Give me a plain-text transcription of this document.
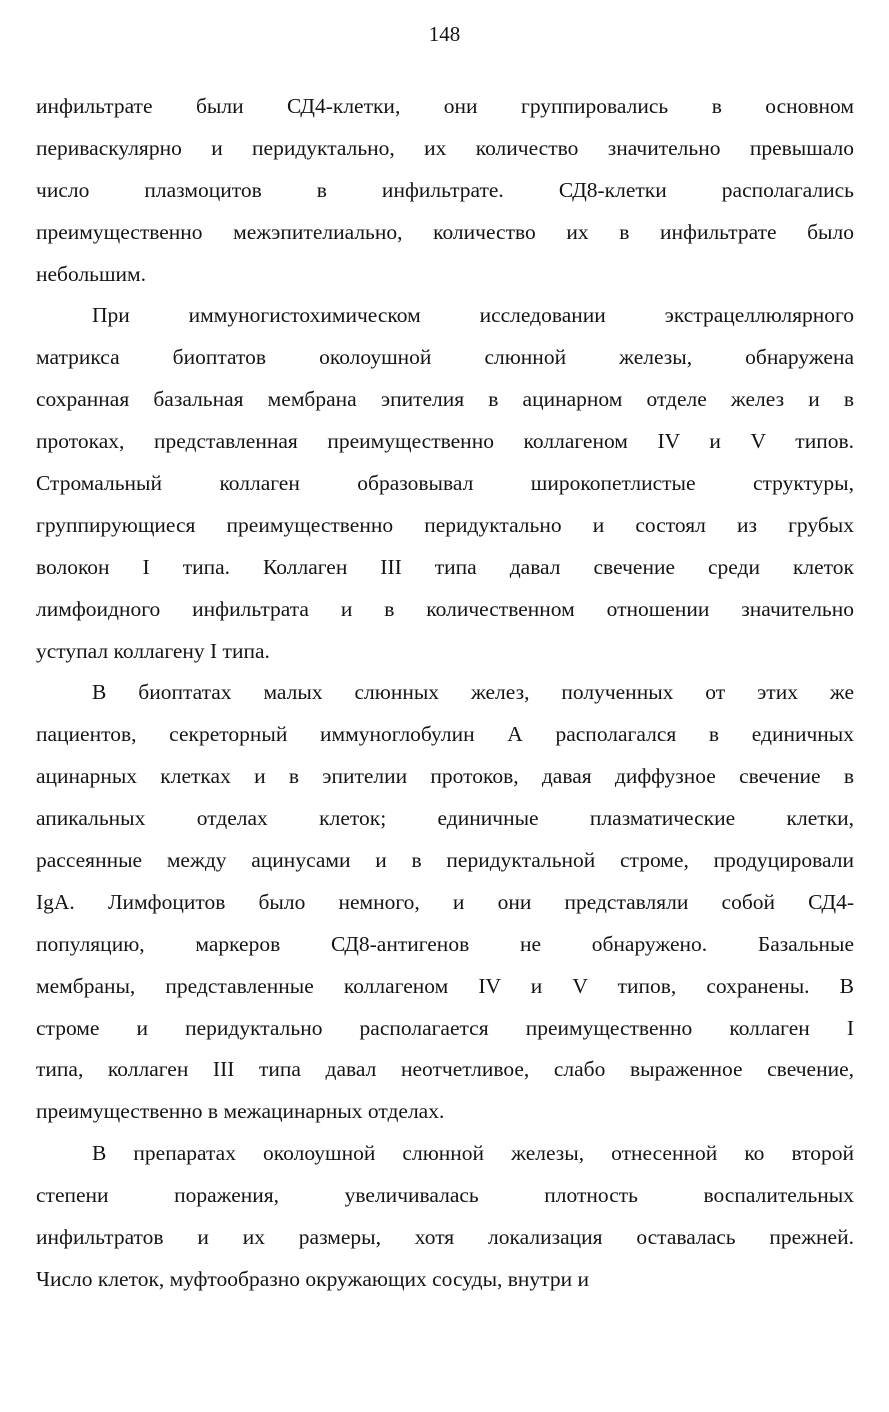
148
инфильтрате были СД4-клетки, они группировались в основном
периваскулярно и перидуктально, их количество значительно превышало
число плазмоцитов в инфильтрате. СД8-клетки располагались
преимущественно межэпителиально, количество их в инфильтрате было
небольшим.
При иммуногистохимическом исследовании экстрацеллюлярного
матрикса биоптатов околоушной слюнной железы, обнаружена
сохранная базальная мембрана эпителия в ацинарном отделе желез и в
протоках, представленная преимущественно коллагеном IV и V типов.
Стромальный коллаген образовывал широкопетлистые структуры,
группирующиеся преимущественно перидуктально и состоял из грубых
волокон I типа. Коллаген III типа давал свечение среди клеток
лимфоидного инфильтрата и в количественном отношении значительно
уступал коллагену I типа.
В биоптатах малых слюнных желез, полученных от этих же
пациентов, секреторный иммуноглобулин А располагался в единичных
ацинарных клетках и в эпителии протоков, давая диффузное свечение в
апикальных отделах клеток; единичные плазматические клетки,
рассеянные между ацинусами и в перидуктальной строме, продуцировали
IgA. Лимфоцитов было немного, и они представляли собой СД4-
популяцию, маркеров СД8-антигенов не обнаружено. Базальные
мембраны, представленные коллагеном IV и V типов, сохранены. В
строме и перидуктально располагается преимущественно коллаген I
типа, коллаген III типа давал неотчетливое, слабо выраженное свечение,
преимущественно в межацинарных отделах.
В препаратах околоушной слюнной железы, отнесенной ко второй
степени поражения, увеличивалась плотность воспалительных
инфильтратов и их размеры, хотя локализация оставалась прежней.
Число клеток, муфтообразно окружающих сосуды, внутри и
